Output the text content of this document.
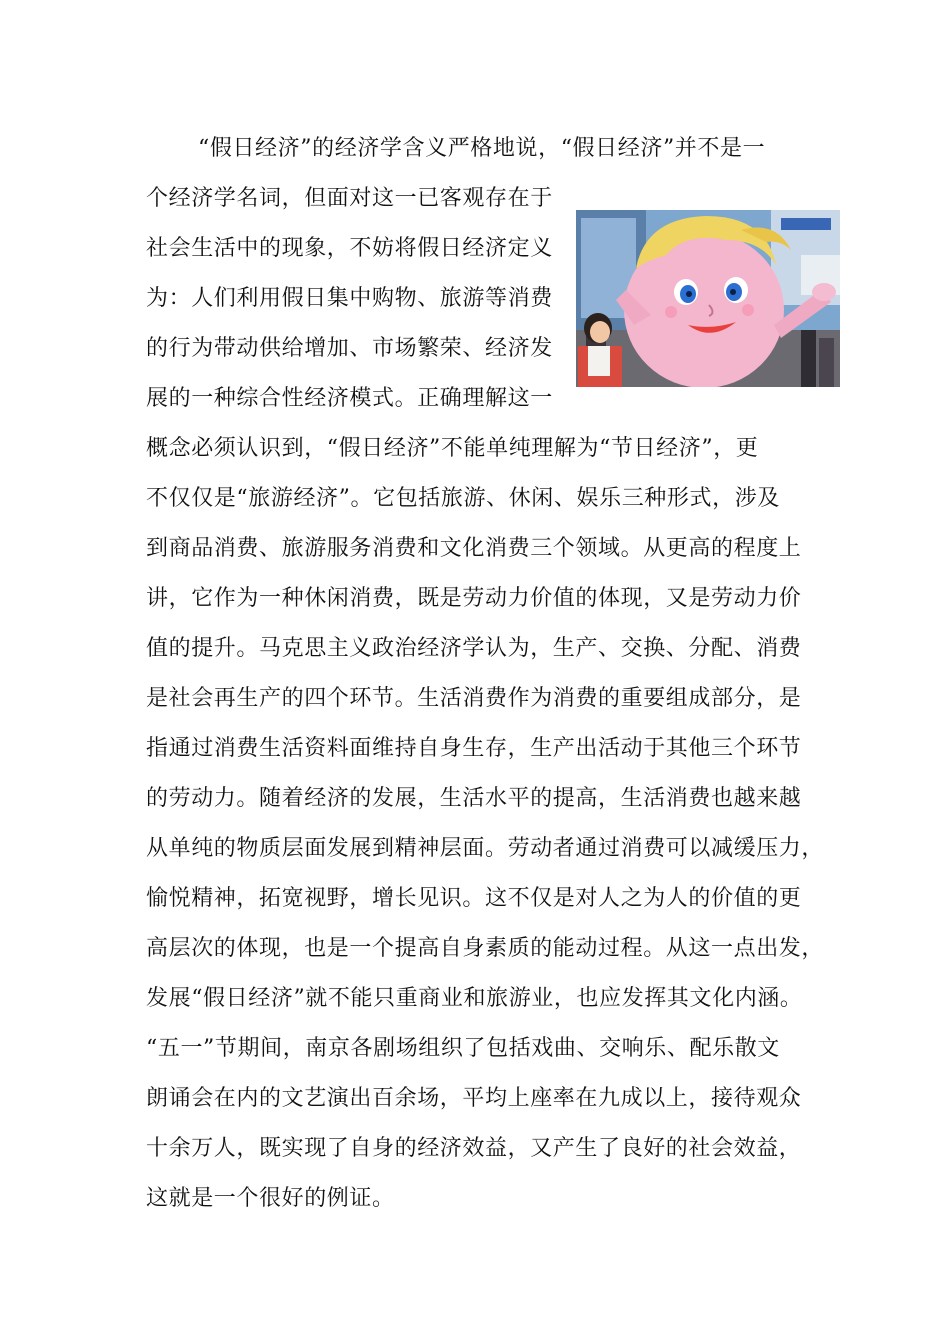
“假日经济”的经济学含义严格地说，“假日经济”并不是一
个经济学名词，但面对这一已客观存在于
社会生活中的现象，不妨将假日经济定义
为：人们利用假日集中购物、旅游等消费
的行为带动供给增加、市场繁荣、经济发
展的一种综合性经济模式。正确理解这一
概念必须认识到，“假日经济”不能单纯理解为“节日经济”，更
不仅仅是“旅游经济”。它包括旅游、休闲、娱乐三种形式，涉及
到商品消费、旅游服务消费和文化消费三个领域。从更高的程度上
讲，它作为一种休闲消费，既是劳动力价值的体现，又是劳动力价
值的提升。马克思主义政治经济学认为，生产、交换、分配、消费
是社会再生产的四个环节。生活消费作为消费的重要组成部分，是
指通过消费生活资料面维持自身生存，生产出活动于其他三个环节
的劳动力。随着经济的发展，生活水平的提高，生活消费也越来越
从单纯的物质层面发展到精神层面。劳动者通过消费可以减缓压力，
愉悦精神，拓宽视野，增长见识。这不仅是对人之为人的价值的更
高层次的体现，也是一个提高自身素质的能动过程。从这一点出发，
发展“假日经济”就不能只重商业和旅游业，也应发挥其文化内涵。
“五一”节期间，南京各剧场组织了包括戏曲、交响乐、配乐散文
朗诵会在内的文艺演出百余场，平均上座率在九成以上，接待观众
十余万人，既实现了自身的经济效益，又产生了良好的社会效益，
这就是一个很好的例证。
